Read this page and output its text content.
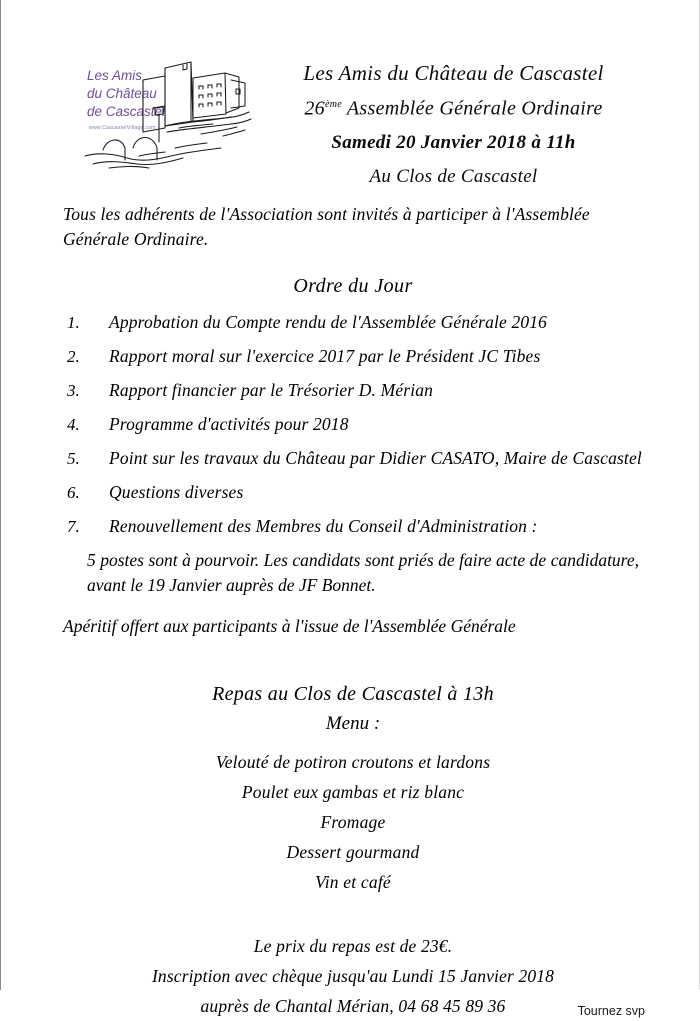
Les Amis
du Château
de Cascastel
www.CascastelVillage.com
Les Amis du Château de Cascastel
26ème Assemblée Générale Ordinaire
Samedi 20 Janvier 2018 à 11h
Au Clos de Cascastel

Tous les adhérents de l'Association sont invités à participer à l'Assemblée Générale Ordinaire.

Ordre du Jour
1.	Approbation du Compte rendu de l'Assemblée Générale 2016
2.	Rapport moral sur l'exercice 2017 par le Président JC Tibes
3.	Rapport financier par le Trésorier D. Mérian
4.	Programme d'activités pour 2018
5.	Point sur les travaux du Château par Didier CASATO, Maire de Cascastel
6.	Questions diverses
7.	Renouvellement des Membres du Conseil d'Administration :

5 postes sont à pourvoir. Les candidats sont priés de faire acte de candidature, avant le 19 Janvier auprès de JF Bonnet.

Apéritif offert aux participants à l'issue de l'Assemblée Générale

Repas au Clos de Cascastel à 13h
Menu :
Velouté de potiron croutons et lardons
Poulet eux gambas et riz blanc
Fromage
Dessert gourmand
Vin et café
Le prix du repas est de 23€.
Inscription avec chèque jusqu'au Lundi 15 Janvier 2018
auprès de Chantal Mérian, 04 68 45 89 36	Tournez svp
